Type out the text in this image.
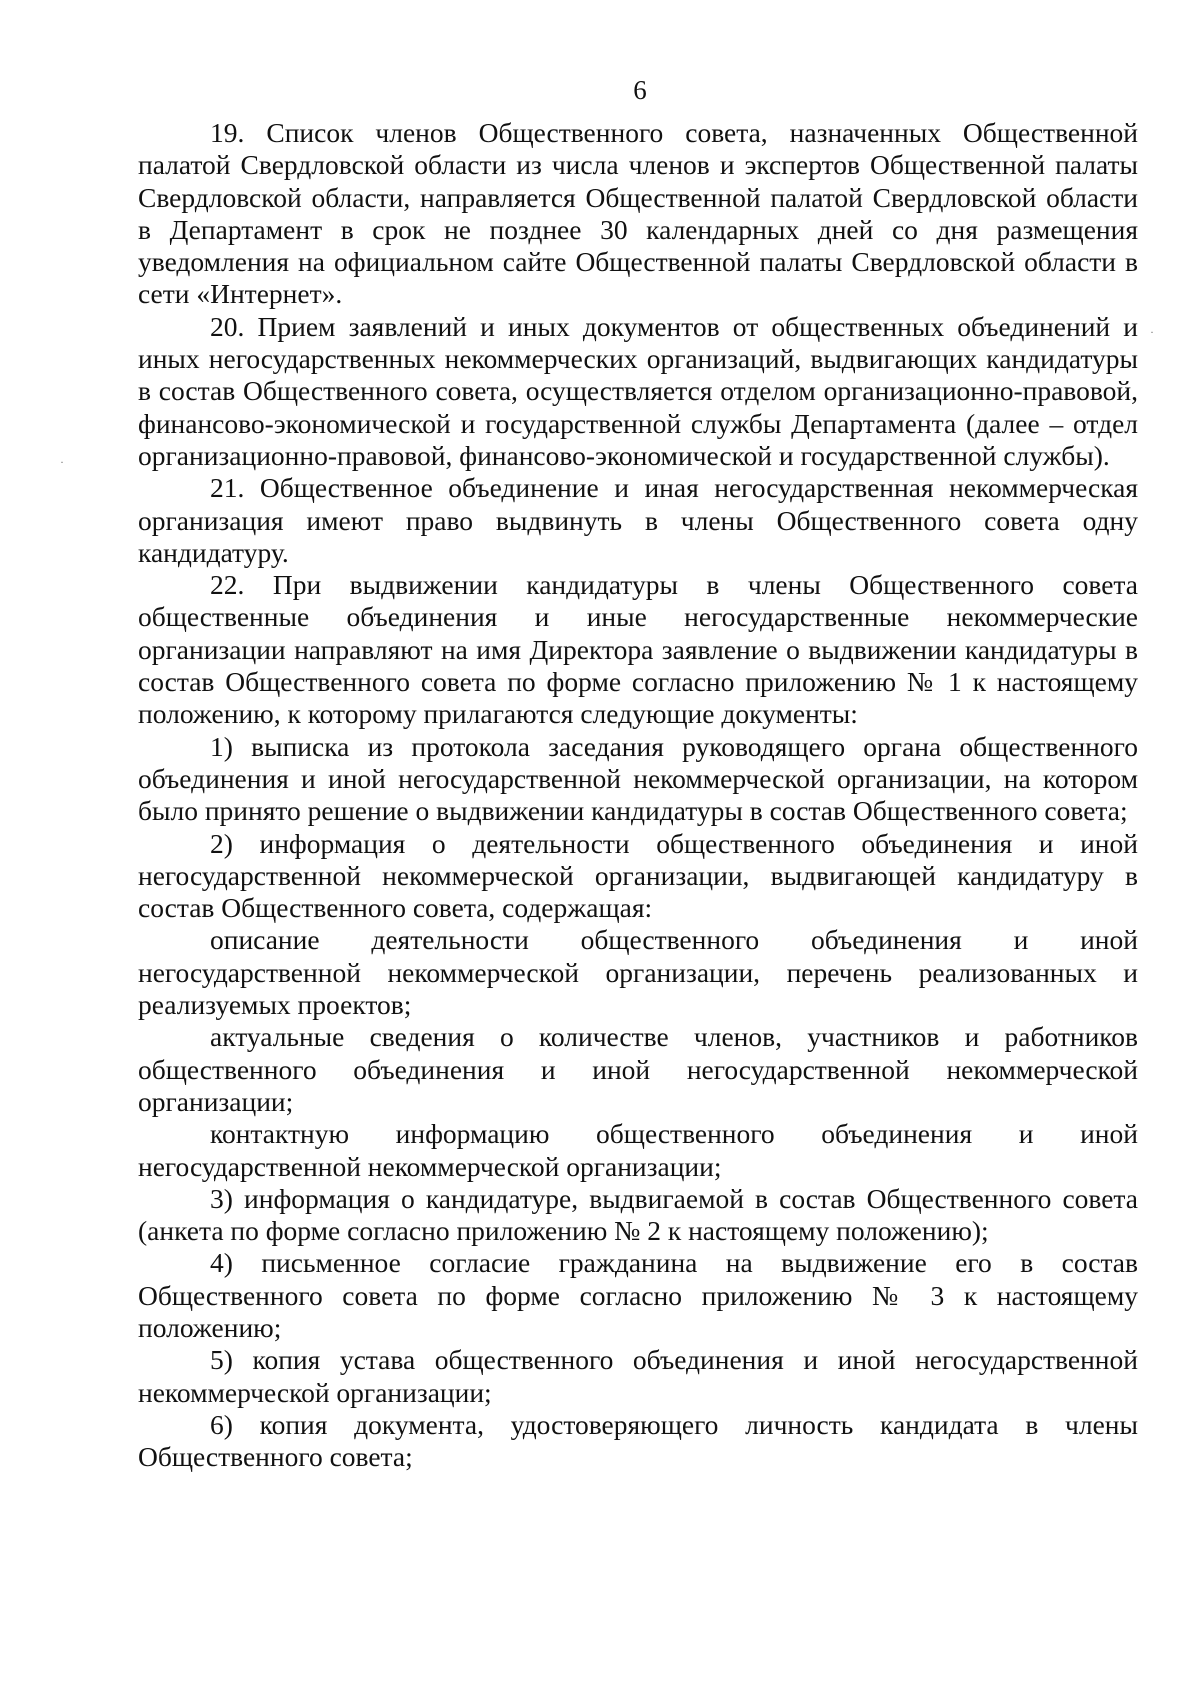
6

19. Список членов Общественного совета, назначенных Общественной палатой Свердловской области из числа членов и экспертов Общественной палаты Свердловской области, направляется Общественной палатой Свердловской области в Департамент в срок не позднее 30 календарных дней со дня размещения уведомления на официальном сайте Общественной палаты Свердловской области в сети «Интернет».

20. Прием заявлений и иных документов от общественных объединений и иных негосударственных некоммерческих организаций, выдвигающих кандидатуры в состав Общественного совета, осуществляется отделом организационно-правовой, финансово-экономической и государственной службы Департамента (далее – отдел организационно-правовой, финансово-экономической и государственной службы).

21. Общественное объединение и иная негосударственная некоммерческая организация имеют право выдвинуть в члены Общественного совета одну кандидатуру.

22. При выдвижении кандидатуры в члены Общественного совета общественные объединения и иные негосударственные некоммерческие организации направляют на имя Директора заявление о выдвижении кандидатуры в состав Общественного совета по форме согласно приложению № 1 к настоящему положению, к которому прилагаются следующие документы:

1) выписка из протокола заседания руководящего органа общественного объединения и иной негосударственной некоммерческой организации, на котором было принято решение о выдвижении кандидатуры в состав Общественного совета;

2) информация о деятельности общественного объединения и иной негосударственной некоммерческой организации, выдвигающей кандидатуру в состав Общественного совета, содержащая:

описание деятельности общественного объединения и иной негосударственной некоммерческой организации, перечень реализованных и реализуемых проектов;

актуальные сведения о количестве членов, участников и работников общественного объединения и иной негосударственной некоммерческой организации;

контактную информацию общественного объединения и иной негосударственной некоммерческой организации;

3) информация о кандидатуре, выдвигаемой в состав Общественного совета (анкета по форме согласно приложению № 2 к настоящему положению);

4) письменное согласие гражданина на выдвижение его в состав Общественного совета по форме согласно приложению № 3 к настоящему положению;

5) копия устава общественного объединения и иной негосударственной некоммерческой организации;

6) копия документа, удостоверяющего личность кандидата в члены Общественного совета;

·
·
